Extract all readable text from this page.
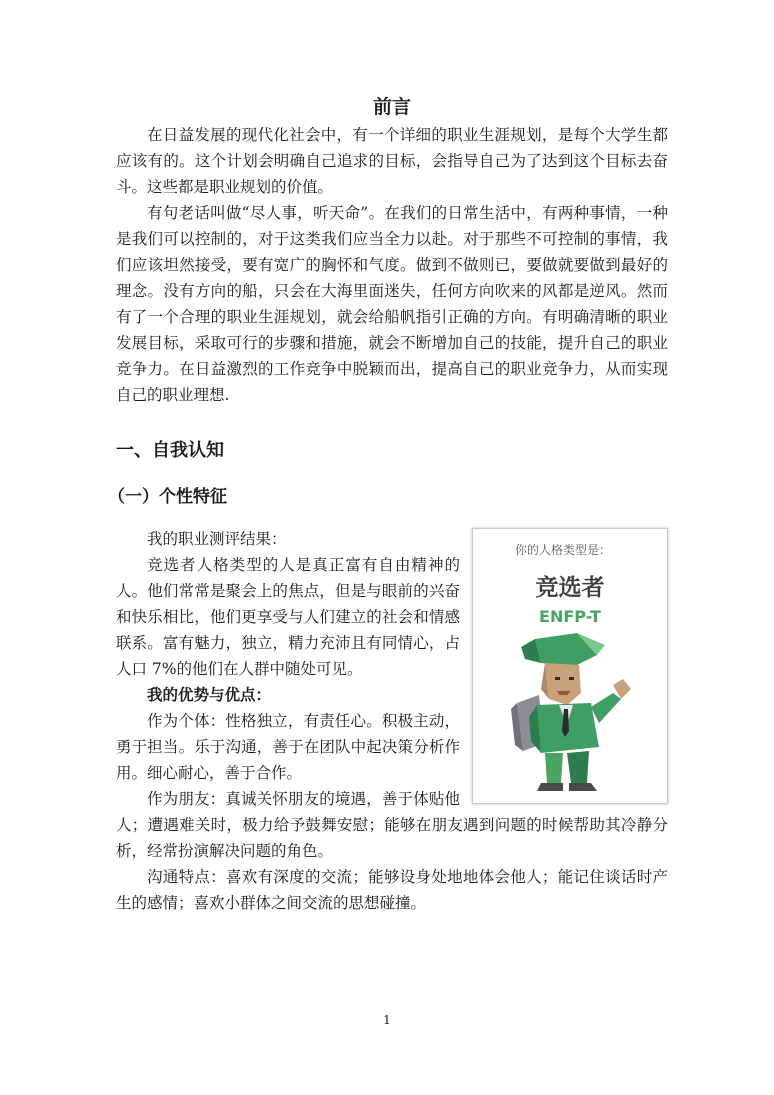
前言

在日益发展的现代化社会中，有一个详细的职业生涯规划，是每个大学生都应该有的。这个计划会明确自己追求的目标，会指导自己为了达到这个目标去奋斗。这些都是职业规划的价值。

有句老话叫做“尽人事，听天命”。在我们的日常生活中，有两种事情，一种是我们可以控制的，对于这类我们应当全力以赴。对于那些不可控制的事情，我们应该坦然接受，要有宽广的胸怀和气度。做到不做则已，要做就要做到最好的理念。没有方向的船，只会在大海里面迷失，任何方向吹来的风都是逆风。然而有了一个合理的职业生涯规划，就会给船帆指引正确的方向。有明确清晰的职业发展目标，采取可行的步骤和措施，就会不断增加自己的技能，提升自己的职业竞争力。在日益激烈的工作竞争中脱颖而出，提高自己的职业竞争力，从而实现自己的职业理想.

一、自我认知
（一）个性特征
你的人格类型是：
竞选者
ENFP-T

我的职业测评结果：

竞选者人格类型的人是真正富有自由精神的人。他们常常是聚会上的焦点，但是与眼前的兴奋和快乐相比，他们更享受与人们建立的社会和情感联系。富有魅力，独立，精力充沛且有同情心，占人口 7%的他们在人群中随处可见。

我的优势与优点：

作为个体：性格独立，有责任心。积极主动，勇于担当。乐于沟通，善于在团队中起决策分析作用。细心耐心，善于合作。

作为朋友：真诚关怀朋友的境遇，善于体贴他人；遭遇难关时，极力给予鼓舞安慰；能够在朋友遇到问题的时候帮助其冷静分析，经常扮演解决问题的角色。

沟通特点：喜欢有深度的交流；能够设身处地地体会他人；能记住谈话时产生的感情；喜欢小群体之间交流的思想碰撞。

1
